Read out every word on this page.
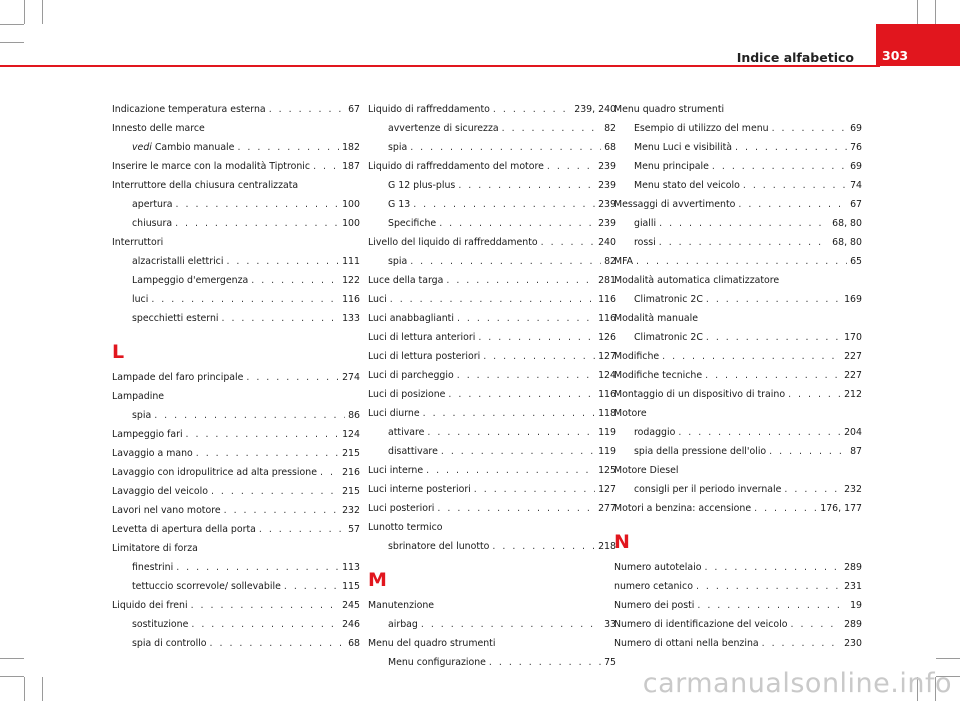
Indice alfabetico 303
Indicazione temperatura esterna . . .	67
Innesto delle marce
vedi Cambio manuale . . .	182
Inserire le marce con la modalità Tiptronic . . .	187
Interruttore della chiusura centralizzata
apertura . . .	100
chiusura . . .	100
Interruttori
alzacristalli elettrici . . .	111
Lampeggio d'emergenza . . .	122
luci . . .	116
specchietti esterni . . .	133
L
Lampade del faro principale . . .	274
Lampadine
spia . . .	86
Lampeggio fari . . .	124
Lavaggio a mano . . .	215
Lavaggio con idropulitrice ad alta pressione . . .	216
Lavaggio del veicolo . . .	215
Lavori nel vano motore . . .	232
Levetta di apertura della porta . . .	57
Limitatore di forza
finestrini . . .	113
tettuccio scorrevole/ sollevabile . . .	115
Liquido dei freni . . .	245
sostituzione . . .	246
spia di controllo . . .	68
Liquido di raffreddamento . . .	239, 240
avvertenze di sicurezza . . .	82
spia . . .	68
Liquido di raffreddamento del motore . . .	239
G 12 plus-plus . . .	239
G 13 . . .	239
Specifiche . . .	239
Livello del liquido di raffreddamento . . .	240
spia . . .	82
Luce della targa . . .	281
Luci . . .	116
Luci anabbaglianti . . .	116
Luci di lettura anteriori . . .	126
Luci di lettura posteriori . . .	127
Luci di parcheggio . . .	124
Luci di posizione . . .	116
Luci diurne . . .	118
attivare . . .	119
disattivare . . .	119
Luci interne . . .	125
Luci interne posteriori . . .	127
Luci posteriori . . .	277
Lunotto termico
sbrinatore del lunotto . . .	218
M
Manutenzione
airbag . . .	33
Menu del quadro strumenti
Menu configurazione . . .	75
Menu quadro strumenti
Esempio di utilizzo del menu . . .	69
Menu Luci e visibilità . . .	76
Menu principale . . .	69
Menu stato del veicolo . . .	74
Messaggi di avvertimento . . .	67
gialli . . .	68, 80
rossi . . .	68, 80
MFA . . .	65
Modalità automatica climatizzatore
Climatronic 2C . . .	169
Modalità manuale
Climatronic 2C . . .	170
Modifiche . . .	227
Modifiche tecniche . . .	227
Montaggio di un dispositivo di traino . . .	212
Motore
rodaggio . . .	204
spia della pressione dell'olio . . .	87
Motore Diesel
consigli per il periodo invernale . . .	232
Motori a benzina: accensione . . .	176, 177
N
Numero autotelaio . . .	289
numero cetanico . . .	231
Numero dei posti . . .	19
Numero di identificazione del veicolo . . .	289
Numero di ottani nella benzina . . .	230
carmanualsonline.info
